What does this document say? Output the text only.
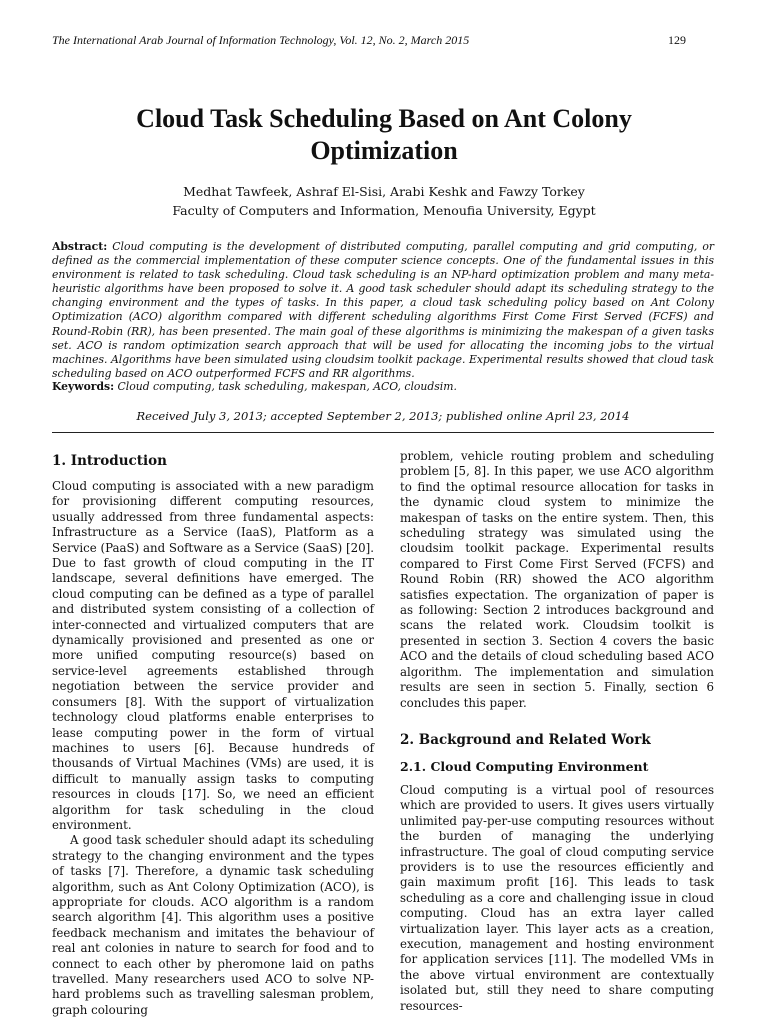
The International Arab Journal of Information Technology, Vol. 12, No. 2, March 2015	129
Cloud Task Scheduling Based on Ant Colony Optimization
Medhat Tawfeek, Ashraf El-Sisi, Arabi Keshk and Fawzy Torkey
Faculty of Computers and Information, Menoufia University, Egypt
Abstract: Cloud computing is the development of distributed computing, parallel computing and grid computing, or defined as the commercial implementation of these computer science concepts. One of the fundamental issues in this environment is related to task scheduling. Cloud task scheduling is an NP-hard optimization problem and many meta-heuristic algorithms have been proposed to solve it. A good task scheduler should adapt its scheduling strategy to the changing environment and the types of tasks. In this paper, a cloud task scheduling policy based on Ant Colony Optimization (ACO) algorithm compared with different scheduling algorithms First Come First Served (FCFS) and Round-Robin (RR), has been presented. The main goal of these algorithms is minimizing the makespan of a given tasks set. ACO is random optimization search approach that will be used for allocating the incoming jobs to the virtual machines. Algorithms have been simulated using cloudsim toolkit package. Experimental results showed that cloud task scheduling based on ACO outperformed FCFS and RR algorithms.
Keywords: Cloud computing, task scheduling, makespan, ACO, cloudsim.
Received July 3, 2013; accepted September 2, 2013; published online April 23, 2014
1. Introduction

Cloud computing is associated with a new paradigm for provisioning different computing resources, usually addressed from three fundamental aspects: Infrastructure as a Service (IaaS), Platform as a Service (PaaS) and Software as a Service (SaaS) [20]. Due to fast growth of cloud computing in the IT landscape, several definitions have emerged. The cloud computing can be defined as a type of parallel and distributed system consisting of a collection of inter-connected and virtualized computers that are dynamically provisioned and presented as one or more unified computing resource(s) based on service-level agreements established through negotiation between the service provider and consumers [8]. With the support of virtualization technology cloud platforms enable enterprises to lease computing power in the form of virtual machines to users [6]. Because hundreds of thousands of Virtual Machines (VMs) are used, it is difficult to manually assign tasks to computing resources in clouds [17]. So, we need an efficient algorithm for task scheduling in the cloud environment.

A good task scheduler should adapt its scheduling strategy to the changing environment and the types of tasks [7]. Therefore, a dynamic task scheduling algorithm, such as Ant Colony Optimization (ACO), is appropriate for clouds. ACO algorithm is a random search algorithm [4]. This algorithm uses a positive feedback mechanism and imitates the behaviour of real ant colonies in nature to search for food and to connect to each other by pheromone laid on paths travelled. Many researchers used ACO to solve NP-hard problems such as travelling salesman problem, graph colouring

problem, vehicle routing problem and scheduling problem [5, 8]. In this paper, we use ACO algorithm to find the optimal resource allocation for tasks in the dynamic cloud system to minimize the makespan of tasks on the entire system. Then, this scheduling strategy was simulated using the cloudsim toolkit package. Experimental results compared to First Come First Served (FCFS) and Round Robin (RR) showed the ACO algorithm satisfies expectation. The organization of paper is as following: Section 2 introduces background and scans the related work. Cloudsim toolkit is presented in section 3. Section 4 covers the basic ACO and the details of cloud scheduling based ACO algorithm. The implementation and simulation results are seen in section 5. Finally, section 6 concludes this paper.

2. Background and Related Work
2.1. Cloud Computing Environment

Cloud computing is a virtual pool of resources which are provided to users. It gives users virtually unlimited pay-per-use computing resources without the burden of managing the underlying infrastructure. The goal of cloud computing service providers is to use the resources efficiently and gain maximum profit [16]. This leads to task scheduling as a core and challenging issue in cloud computing. Cloud has an extra layer called virtualization layer. This layer acts as a creation, execution, management and hosting environment for application services [11]. The modelled VMs in the above virtual environment are contextually isolated but, still they need to share computing resources-
